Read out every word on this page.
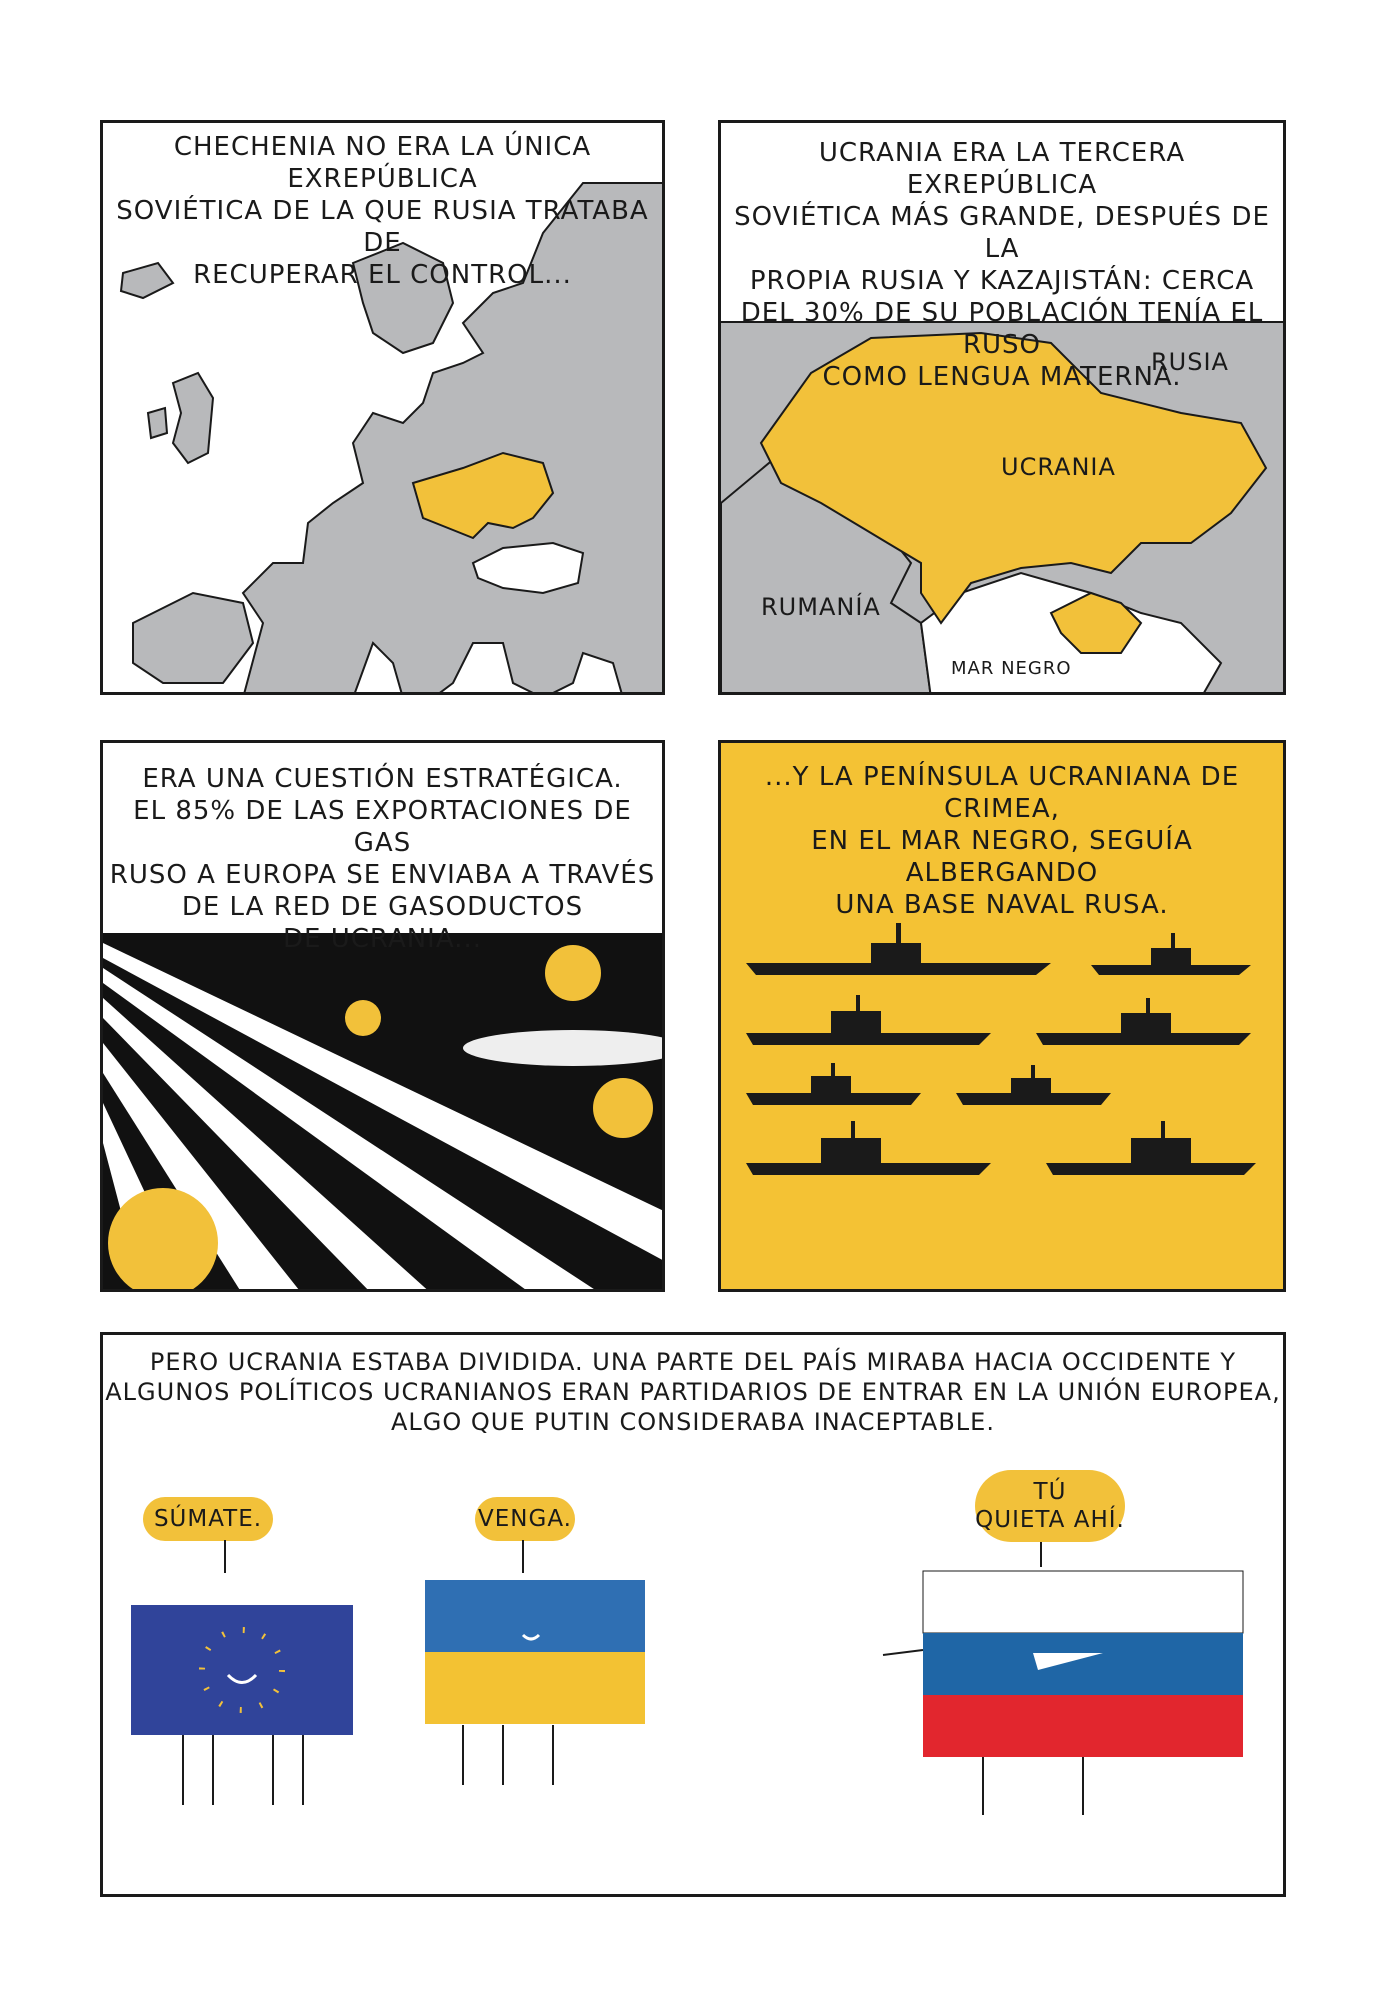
CHECHENIA NO ERA LA ÚNICA EXREPÚBLICA
SOVIÉTICA DE LA QUE RUSIA TRATABA DE
RECUPERAR EL CONTROL...
UCRANIA ERA LA TERCERA EXREPÚBLICA
SOVIÉTICA MÁS GRANDE, DESPUÉS DE LA
PROPIA RUSIA Y KAZAJISTÁN: CERCA
DEL 30% DE SU POBLACIÓN TENÍA EL RUSO
COMO LENGUA MATERNA.
RUSIA
UCRANIA
RUMANÍA
MAR NEGRO
ERA UNA CUESTIÓN ESTRATÉGICA.
EL 85% DE LAS EXPORTACIONES DE GAS
RUSO A EUROPA SE ENVIABA A TRAVÉS
DE LA RED DE GASODUCTOS
DE UCRANIA...
...Y LA PENÍNSULA UCRANIANA DE CRIMEA,
EN EL MAR NEGRO, SEGUÍA ALBERGANDO
UNA BASE NAVAL RUSA.
PERO UCRANIA ESTABA DIVIDIDA. UNA PARTE DEL PAÍS MIRABA HACIA OCCIDENTE Y
ALGUNOS POLÍTICOS UCRANIANOS ERAN PARTIDARIOS DE ENTRAR EN LA UNIÓN EUROPEA,
ALGO QUE PUTIN CONSIDERABA INACEPTABLE.
SÚMATE.	VENGA.
TÚ
QUIETA AHÍ.
